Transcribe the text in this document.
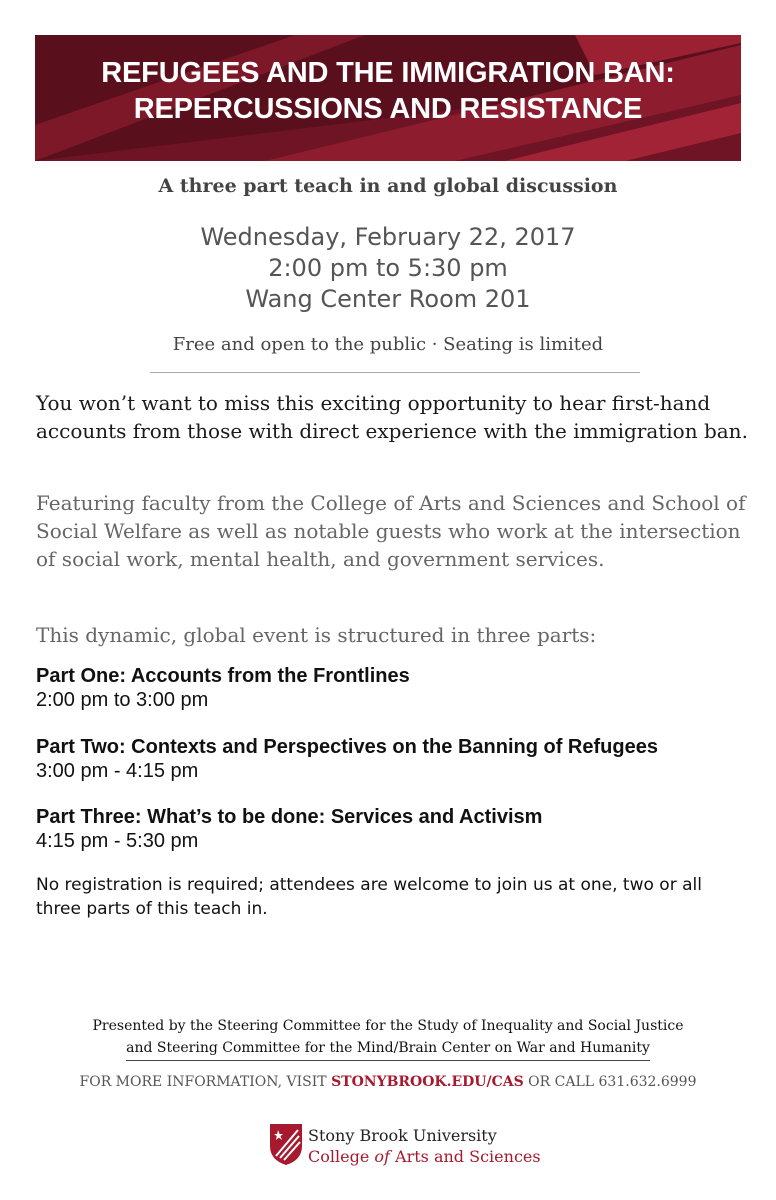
REFUGEES AND THE IMMIGRATION BAN:
REPERCUSSIONS AND RESISTANCE
A three part teach in and global discussion
Wednesday, February 22, 2017
2:00 pm to 5:30 pm
Wang Center Room 201
Free and open to the public · Seating is limited
You won’t want to miss this exciting opportunity to hear first-hand accounts from those with direct experience with the immigration ban.
Featuring faculty from the College of Arts and Sciences and School of Social Welfare as well as notable guests who work at the intersection of social work, mental health, and government services.
This dynamic, global event is structured in three parts:
Part One: Accounts from the Frontlines
2:00 pm to 3:00 pm
Part Two: Contexts and Perspectives on the Banning of Refugees
3:00 pm - 4:15 pm
Part Three: What’s to be done: Services and Activism
4:15 pm - 5:30 pm
No registration is required; attendees are welcome to join us at one, two or all three parts of this teach in.
Presented by the Steering Committee for the Study of Inequality and Social Justice
and Steering Committee for the Mind/Brain Center on War and Humanity
FOR MORE INFORMATION, VISIT STONYBROOK.EDU/CAS OR CALL 631.632.6999
Stony Brook University
College of Arts and Sciences
